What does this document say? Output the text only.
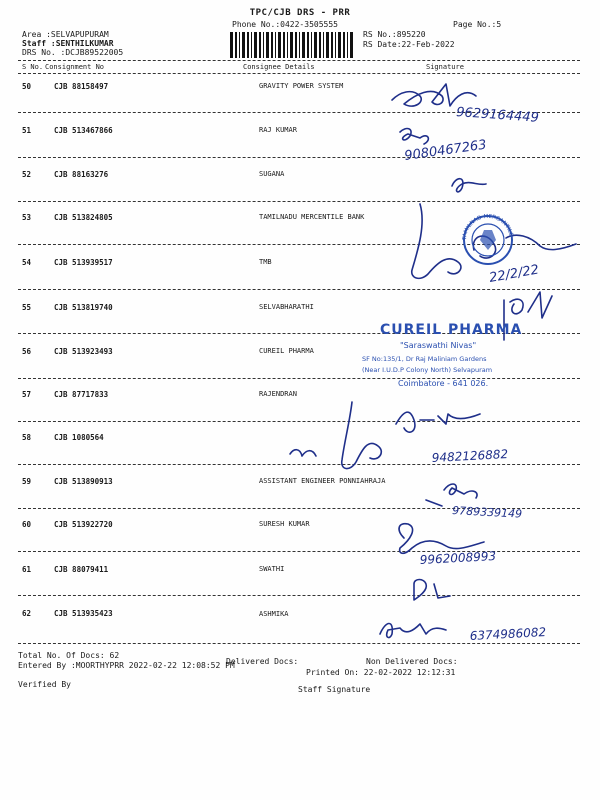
TPC/CJB DRS - PRR
Phone No.:0422-3505555	Page No.:5
Area :SELVAPUPURAM
Staff :SENTHILKUMAR
DRS No. :DCJB89522005
RS No.:895220
RS Date:22-Feb-2022
S No. Consignment No	Consignee Details	Signature
50	CJB 88158497	GRAVITY POWER SYSTEM
51	CJB 513467866	RAJ KUMAR
52	CJB 88163276	SUGANA
53	CJB 513824805	TAMILNADU MERCENTILE BANK
54	CJB 513939517	TMB
55	CJB 513819740	SELVABHARATHI
56	CJB 513923493	CUREIL PHARMA
57	CJB 87717833	RAJENDRAN
58	CJB 1080564
59	CJB 513890913	ASSISTANT ENGINEER PONNIAHRAJA
60	CJB 513922720	SURESH KUMAR
61	CJB 88079411	SWATHI
62	CJB 513935423	ASHMIKA
Total No. Of Docs: 62
Delivered Docs:	Non Delivered Docs:
Entered By :MOORTHYPRR 2022-02-22 12:08:52 PM
Printed On: 22-02-2022 12:12:31
Verified By
Staff Signature
9629164449
9080467263
22/2/22
9482126882
9789339149
9962008993
6374986082
TAMILNAD MERCANTILE
CUREIL PHARMA
"Saraswathi Nivas"
SF No:135/1, Dr Raj Maliniam Gardens
(Near I.U.D.P Colony North) Selvapuram
Coimbatore - 641 026.
